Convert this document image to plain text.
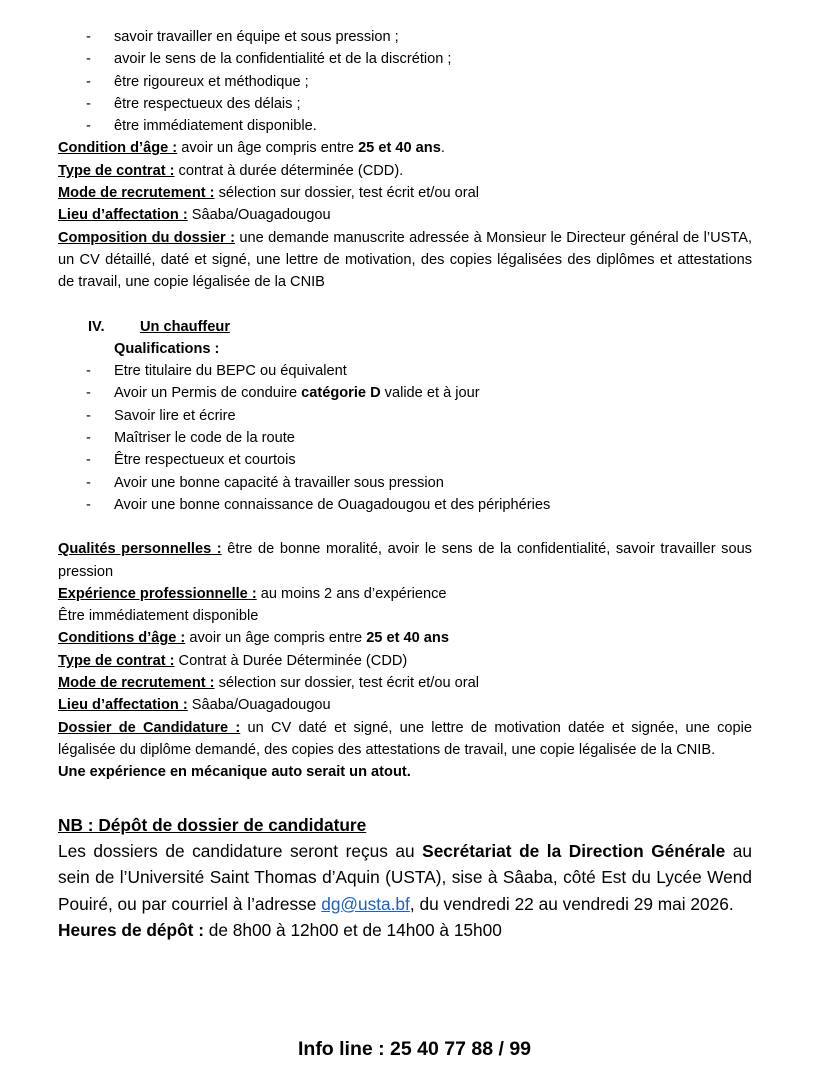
- savoir travailler en équipe et sous pression ;
- avoir le sens de la confidentialité et de la discrétion ;
- être rigoureux et méthodique ;
- être respectueux des délais ;
- être immédiatement disponible.

Condition d’âge : avoir un âge compris entre 25 et 40 ans.

Type de contrat : contrat à durée déterminée (CDD).

Mode de recrutement : sélection sur dossier, test écrit et/ou oral

Lieu d’affectation : Sâaba/Ouagadougou

Composition du dossier : une demande manuscrite adressée à Monsieur le Directeur général de l’USTA, un CV détaillé, daté et signé, une lettre de motivation, des copies légalisées des diplômes et attestations de travail, une copie légalisée de la CNIB

IV. Un chauffeur
Qualifications :
- Etre titulaire du BEPC ou équivalent
- Avoir un Permis de conduire catégorie D valide et à jour
- Savoir lire et écrire
- Maîtriser le code de la route
- Être respectueux et courtois
- Avoir une bonne capacité à travailler sous pression
- Avoir une bonne connaissance de Ouagadougou et des périphéries

Qualités personnelles : être de bonne moralité, avoir le sens de la confidentialité, savoir travailler sous pression

Expérience professionnelle : au moins 2 ans d’expérience

Être immédiatement disponible

Conditions d’âge : avoir un âge compris entre 25 et 40 ans

Type de contrat : Contrat à Durée Déterminée (CDD)

Mode de recrutement : sélection sur dossier, test écrit et/ou oral

Lieu d’affectation : Sâaba/Ouagadougou

Dossier de Candidature : un CV daté et signé, une lettre de motivation datée et signée, une copie légalisée du diplôme demandé, des copies des attestations de travail, une copie légalisée de la CNIB.

Une expérience en mécanique auto serait un atout.

NB : Dépôt de dossier de candidature

Les dossiers de candidature seront reçus au Secrétariat de la Direction Générale au sein de l’Université Saint Thomas d’Aquin (USTA), sise à Sâaba, côté Est du Lycée Wend Pouiré, ou par courriel à l’adresse dg@usta.bf, du vendredi 22 au vendredi 29 mai 2026.

Heures de dépôt : de 8h00 à 12h00 et de 14h00 à 15h00

Info line : 25 40 77 88 / 99
